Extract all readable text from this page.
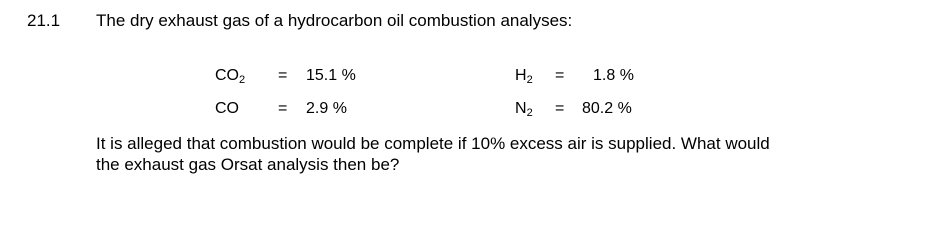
21.1 The dry exhaust gas of a hydrocarbon oil combustion analyses:
CO2 = 15.1 %
CO = 2.9 %
H2 = 1.8 %
N2 = 80.2 %

It is alleged that combustion would be complete if 10% excess air is supplied. What would

the exhaust gas Orsat analysis then be?
